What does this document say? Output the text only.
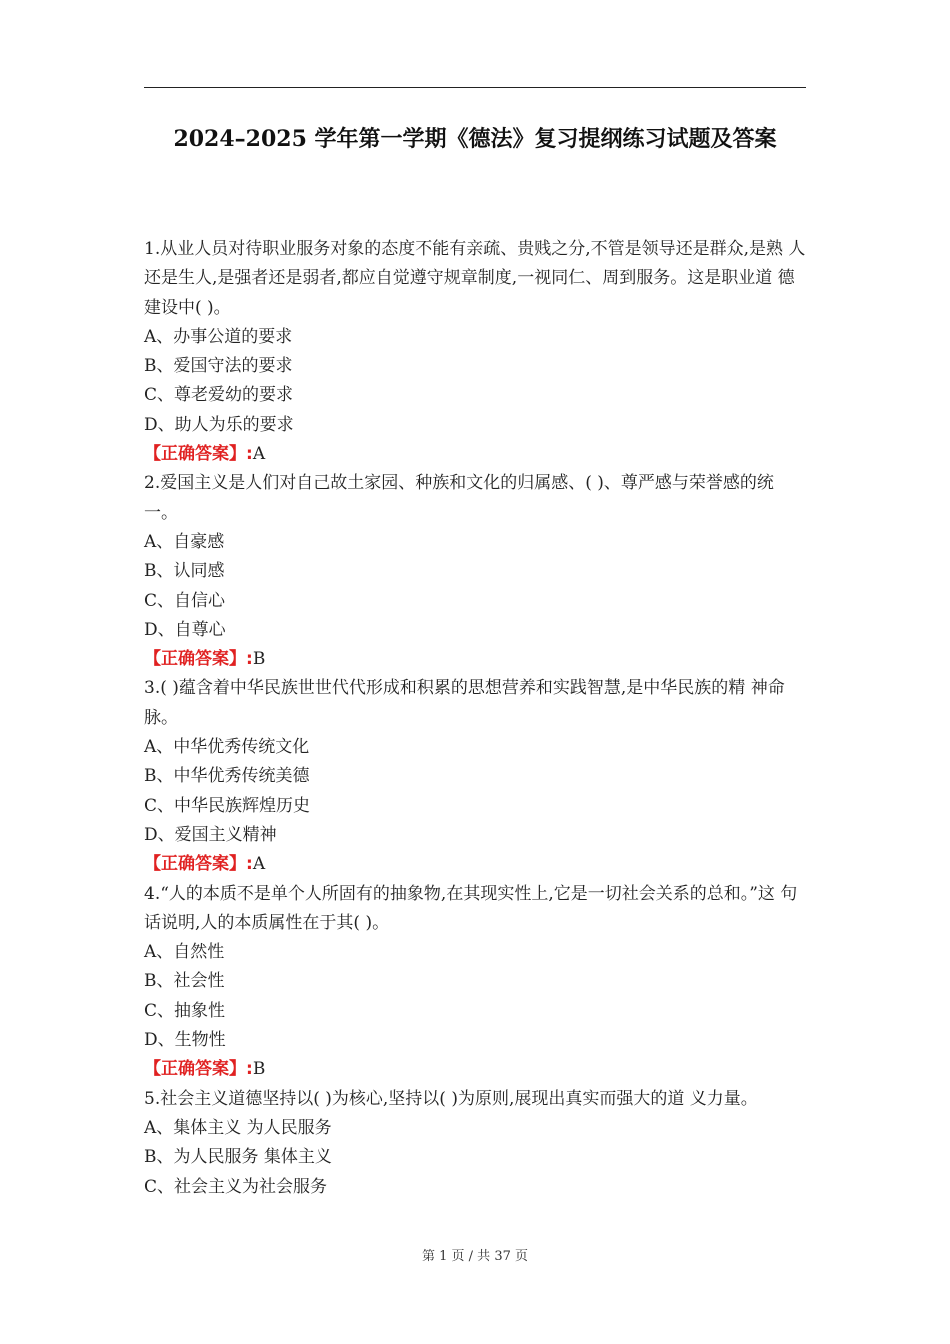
2024–2025 学年第一学期《德法》复习提纲练习试题及答案

1.从业人员对待职业服务对象的态度不能有亲疏、贵贱之分,不管是领导还是群众,是熟 人还是生人,是强者还是弱者,都应自觉遵守规章制度,一视同仁、周到服务。这是职业道 德建设中( )。

A、办事公道的要求

B、爱国守法的要求

C、尊老爱幼的要求

D、助人为乐的要求

【正确答案】:A

2.爱国主义是人们对自己故土家园、种族和文化的归属感、( )、尊严感与荣誉感的统一。

A、自豪感

B、认同感

C、自信心

D、自尊心

【正确答案】:B

3.( )蕴含着中华民族世世代代形成和积累的思想营养和实践智慧,是中华民族的精 神命脉。

A、中华优秀传统文化

B、中华优秀传统美德

C、中华民族辉煌历史

D、爱国主义精神

【正确答案】:A

4.“人的本质不是单个人所固有的抽象物,在其现实性上,它是一切社会关系的总和。”这 句话说明,人的本质属性在于其( )。

A、自然性

B、社会性

C、抽象性

D、生物性

【正确答案】:B

5.社会主义道德坚持以( )为核心,坚持以( )为原则,展现出真实而强大的道 义力量。

A、集体主义 为人民服务

B、为人民服务 集体主义

C、社会主义为社会服务

第 1 页 / 共 37 页
